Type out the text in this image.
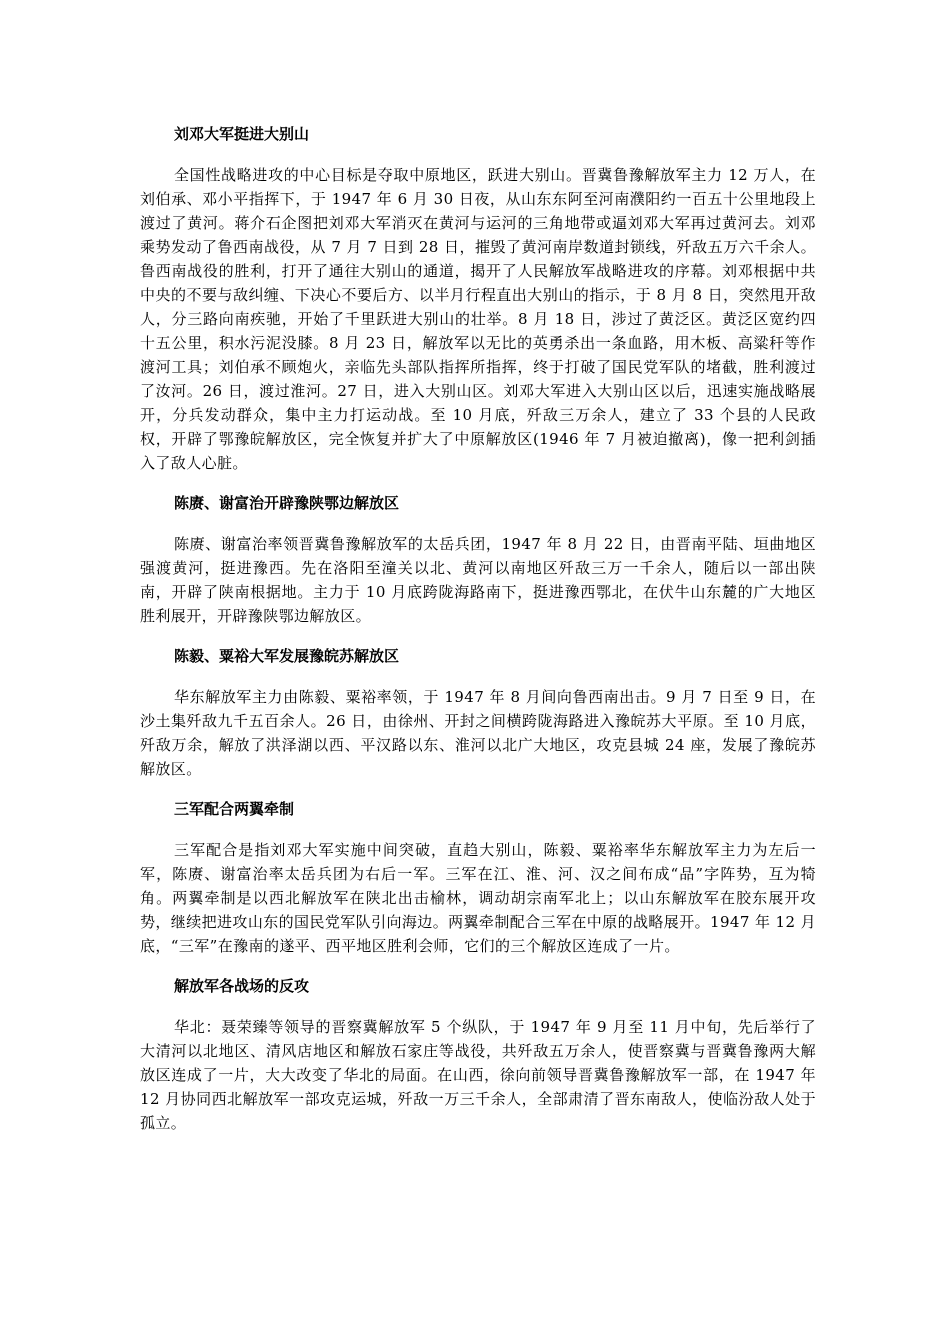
刘邓大军挺进大别山

全国性战略进攻的中心目标是夺取中原地区，跃进大别山。晋冀鲁豫解放军主力 12 万人，在刘伯承、邓小平指挥下，于 1947 年 6 月 30 日夜，从山东东阿至河南濮阳约一百五十公里地段上渡过了黄河。蒋介石企图把刘邓大军消灭在黄河与运河的三角地带或逼刘邓大军再过黄河去。刘邓乘势发动了鲁西南战役，从 7 月 7 日到 28 日，摧毁了黄河南岸数道封锁线，歼敌五万六千余人。鲁西南战役的胜利，打开了通往大别山的通道，揭开了人民解放军战略进攻的序幕。刘邓根据中共中央的不要与敌纠缠、下决心不要后方、以半月行程直出大别山的指示，于 8 月 8 日，突然甩开敌人，分三路向南疾驰，开始了千里跃进大别山的壮举。8 月 18 日，涉过了黄泛区。黄泛区宽约四十五公里，积水污泥没膝。8 月 23 日，解放军以无比的英勇杀出一条血路，用木板、高粱秆等作渡河工具；刘伯承不顾炮火，亲临先头部队指挥所指挥，终于打破了国民党军队的堵截，胜利渡过了汝河。26 日，渡过淮河。27 日，进入大别山区。刘邓大军进入大别山区以后，迅速实施战略展开，分兵发动群众，集中主力打运动战。至 10 月底，歼敌三万余人，建立了 33 个县的人民政权，开辟了鄂豫皖解放区，完全恢复并扩大了中原解放区(1946 年 7 月被迫撤离)，像一把利剑插入了敌人心脏。

陈赓、谢富治开辟豫陕鄂边解放区

陈赓、谢富治率领晋冀鲁豫解放军的太岳兵团，1947 年 8 月 22 日，由晋南平陆、垣曲地区强渡黄河，挺进豫西。先在洛阳至潼关以北、黄河以南地区歼敌三万一千余人，随后以一部出陕南，开辟了陕南根据地。主力于 10 月底跨陇海路南下，挺进豫西鄂北，在伏牛山东麓的广大地区胜利展开，开辟豫陕鄂边解放区。

陈毅、粟裕大军发展豫皖苏解放区

华东解放军主力由陈毅、粟裕率领，于 1947 年 8 月间向鲁西南出击。9 月 7 日至 9 日，在沙土集歼敌九千五百余人。26 日，由徐州、开封之间横跨陇海路进入豫皖苏大平原。至 10 月底，歼敌万余，解放了洪泽湖以西、平汉路以东、淮河以北广大地区，攻克县城 24 座，发展了豫皖苏解放区。

三军配合两翼牵制

三军配合是指刘邓大军实施中间突破，直趋大别山，陈毅、粟裕率华东解放军主力为左后一军，陈赓、谢富治率太岳兵团为右后一军。三军在江、淮、河、汉之间布成“品”字阵势，互为犄角。两翼牵制是以西北解放军在陕北出击榆林，调动胡宗南军北上；以山东解放军在胶东展开攻势，继续把进攻山东的国民党军队引向海边。两翼牵制配合三军在中原的战略展开。1947 年 12 月底，“三军”在豫南的遂平、西平地区胜利会师，它们的三个解放区连成了一片。

解放军各战场的反攻

华北：聂荣臻等领导的晋察冀解放军 5 个纵队，于 1947 年 9 月至 11 月中旬，先后举行了大清河以北地区、清风店地区和解放石家庄等战役，共歼敌五万余人，使晋察冀与晋冀鲁豫两大解放区连成了一片，大大改变了华北的局面。在山西，徐向前领导晋冀鲁豫解放军一部，在 1947 年 12 月协同西北解放军一部攻克运城，歼敌一万三千余人，全部肃清了晋东南敌人，使临汾敌人处于孤立。
